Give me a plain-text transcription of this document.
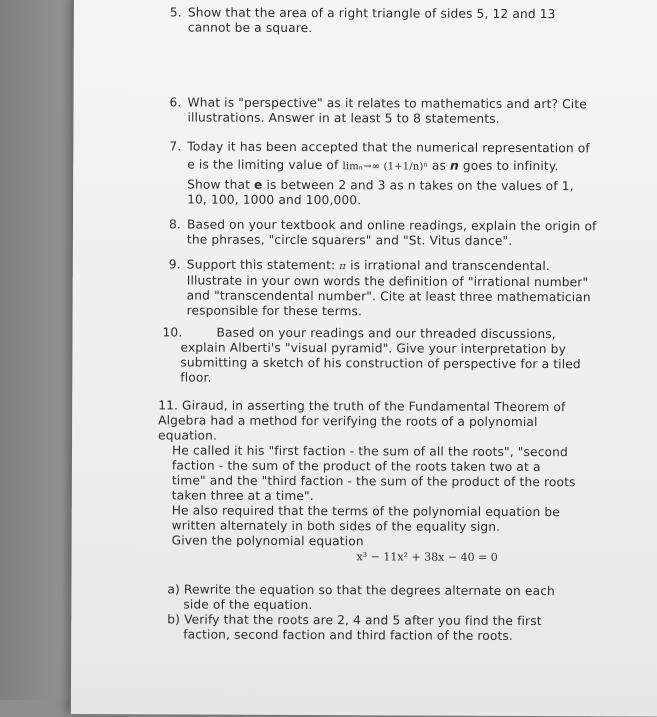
5. Show that the area of a right triangle of sides 5, 12 and 13
cannot be a square.
6. What is "perspective" as it relates to mathematics and art? Cite
illustrations. Answer in at least 5 to 8 statements.
7. Today it has been accepted that the numerical representation of
e is the limiting value of limₙ→∞ (1+1/n)ⁿ as n goes to infinity.
Show that e is between 2 and 3 as n takes on the values of 1,
10, 100, 1000 and 100,000.
8. Based on your textbook and online readings, explain the origin of
the phrases, "circle squarers" and "St. Vitus dance".
9. Support this statement: π is irrational and transcendental.
Illustrate in your own words the definition of "irrational number"
and "transcendental number". Cite at least three mathematician
responsible for these terms.
10.	Based on your readings and our threaded discussions,
explain Alberti's "visual pyramid". Give your interpretation by
submitting a sketch of his construction of perspective for a tiled
floor.
11. Giraud, in asserting the truth of the Fundamental Theorem of
Algebra had a method for verifying the roots of a polynomial
equation.
He called it his "first faction - the sum of all the roots", "second
faction - the sum of the product of the roots taken two at a
time" and the "third faction - the sum of the product of the roots
taken three at a time".
He also required that the terms of the polynomial equation be
written alternately in both sides of the equality sign.
Given the polynomial equation
x³ − 11x² + 38x − 40 = 0
a) Rewrite the equation so that the degrees alternate on each
side of the equation.
b) Verify that the roots are 2, 4 and 5 after you find the first
faction, second faction and third faction of the roots.
